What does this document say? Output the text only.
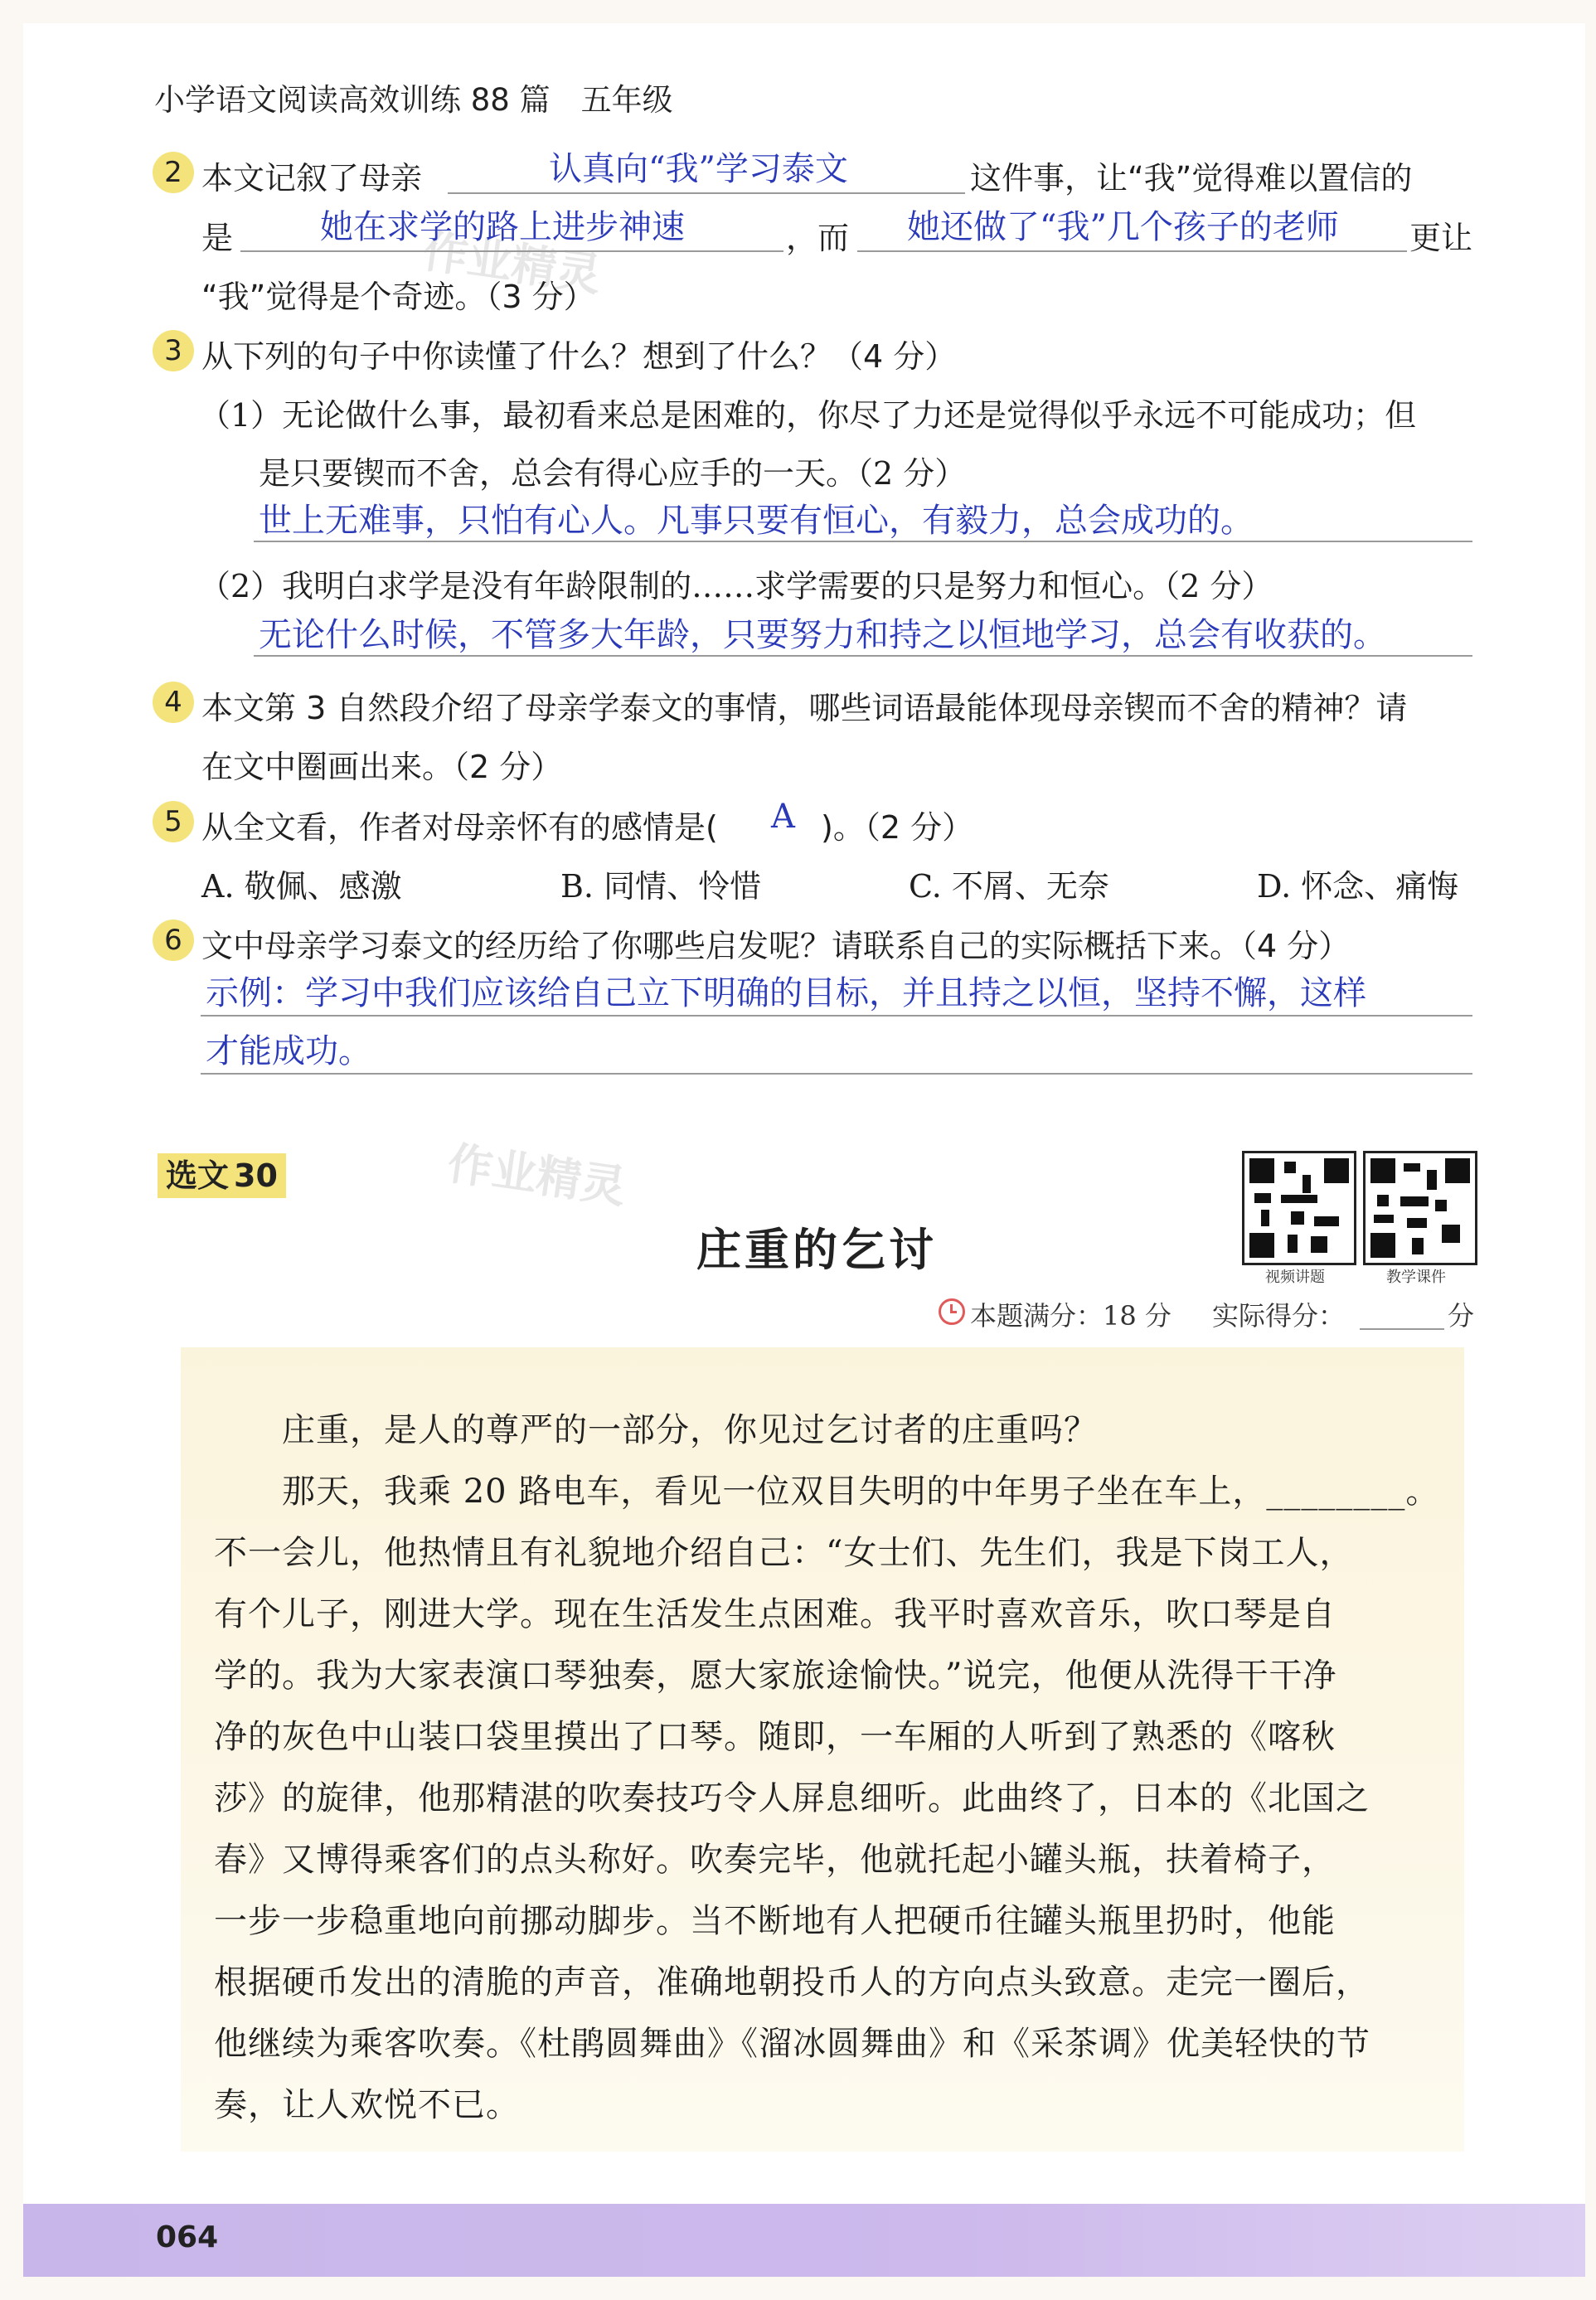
小学语文阅读高效训练 88 篇　五年级
作业精灵
作业精灵
2 本文记叙了母亲	认真向“我”学习泰文	这件事，让“我”觉得难以置信的
是	她在求学的路上进步神速	，而 她还做了“我”几个孩子的老师 更让
“我”觉得是个奇迹。（3 分）
3 从下列的句子中你读懂了什么？想到了什么？（4 分）
（1）无论做什么事，最初看来总是困难的，你尽了力还是觉得似乎永远不可能成功；但
是只要锲而不舍，总会有得心应手的一天。（2 分）
世上无难事，只怕有心人。凡事只要有恒心，有毅力，总会成功的。
（2）我明白求学是没有年龄限制的……求学需要的只是努力和恒心。（2 分）
无论什么时候，不管多大年龄，只要努力和持之以恒地学习，总会有收获的。
4 本文第 3 自然段介绍了母亲学泰文的事情，哪些词语最能体现母亲锲而不舍的精神？请
在文中圈画出来。（2 分）
5 从全文看，作者对母亲怀有的感情是( A )。（2 分）
A. 敬佩、感激	B. 同情、怜惜	C. 不屑、无奈	D. 怀念、痛悔
6 文中母亲学习泰文的经历给了你哪些启发呢？请联系自己的实际概括下来。（4 分）
示例：学习中我们应该给自己立下明确的目标，并且持之以恒，坚持不懈，这样
才能成功。
选文 30
庄重的乞讨
视频讲题	教学课件
本题满分：18 分 实际得分：	分
庄重，是人的尊严的一部分，你见过乞讨者的庄重吗？
那天，我乘 20 路电车，看见一位双目失明的中年男子坐在车上，________。
不一会儿，他热情且有礼貌地介绍自己：“女士们、先生们，我是下岗工人，
有个儿子，刚进大学。现在生活发生点困难。我平时喜欢音乐，吹口琴是自
学的。我为大家表演口琴独奏，愿大家旅途愉快。”说完，他便从洗得干干净
净的灰色中山装口袋里摸出了口琴。随即，一车厢的人听到了熟悉的《喀秋
莎》的旋律，他那精湛的吹奏技巧令人屏息细听。此曲终了，日本的《北国之
春》又博得乘客们的点头称好。吹奏完毕，他就托起小罐头瓶，扶着椅子，
一步一步稳重地向前挪动脚步。当不断地有人把硬币往罐头瓶里扔时，他能
根据硬币发出的清脆的声音，准确地朝投币人的方向点头致意。走完一圈后，
他继续为乘客吹奏。《杜鹃圆舞曲》《溜冰圆舞曲》和《采茶调》优美轻快的节
奏，让人欢悦不已。
064
